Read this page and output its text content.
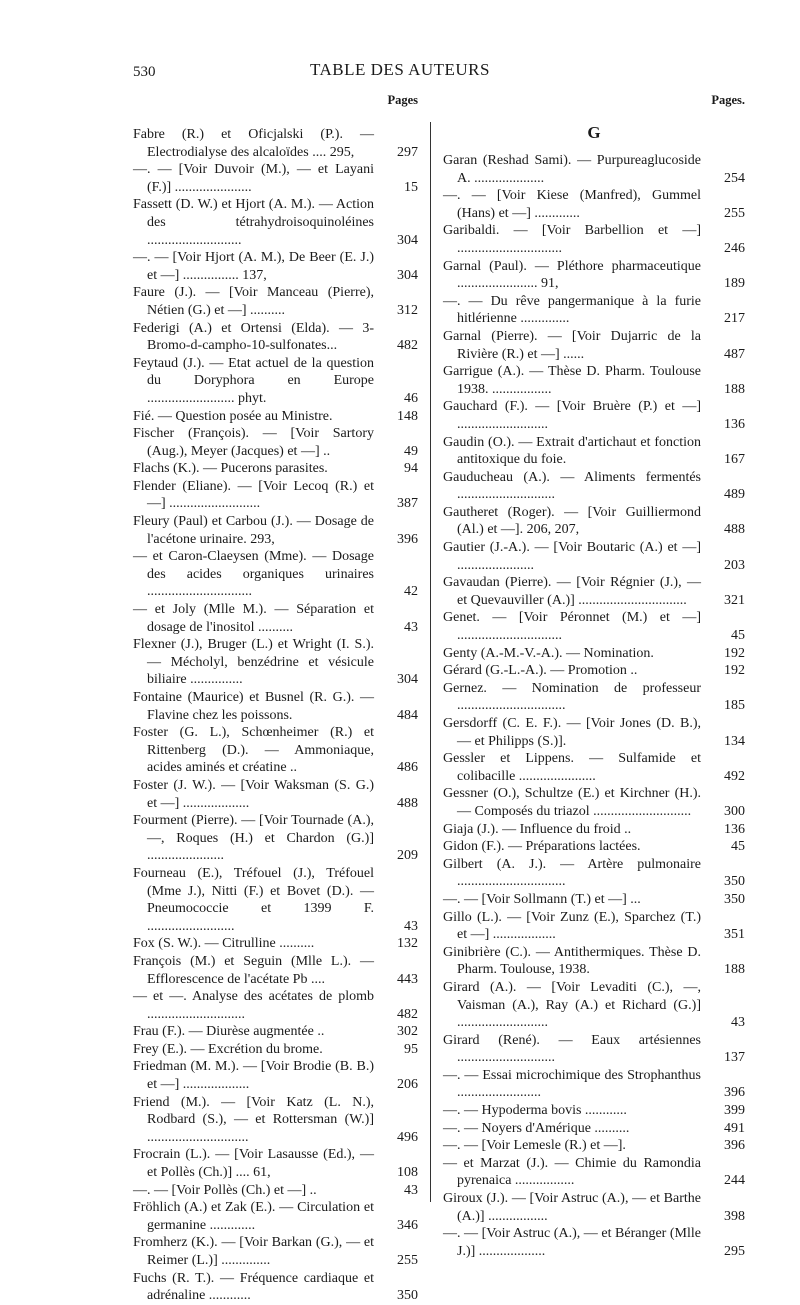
530	TABLE DES AUTEURS
Pages
Fabre (R.) et Oficjalski (P.). — Electrodialyse des alcaloïdes .... 295,	297
—. — [Voir Duvoir (M.), — et Layani (F.)] ......................	15
Fassett (D. W.) et Hjort (A. M.). — Action des tétrahydroisoquinoléines ...........................	304
—. — [Voir Hjort (A. M.), De Beer (E. J.) et —] ................ 137,	304
Faure (J.). — [Voir Manceau (Pierre), Nétien (G.) et —] ..........	312
Federigi (A.) et Ortensi (Elda). — 3-Bromo-d-campho-10-sulfonates...	482
Feytaud (J.). — Etat actuel de la question du Doryphora en Europe ......................... phyt.	46
Fié. — Question posée au Ministre.	148
Fischer (François). — [Voir Sartory (Aug.), Meyer (Jacques) et —] ..	49
Flachs (K.). — Pucerons parasites.	94
Flender (Eliane). — [Voir Lecoq (R.) et —] ..........................	387
Fleury (Paul) et Carbou (J.). — Dosage de l'acétone urinaire. 293,	396
— et Caron-Claeysen (Mme). — Dosage des acides organiques urinaires ..............................	42
— et Joly (Mlle M.). — Séparation et dosage de l'inositol ..........	43
Flexner (J.), Bruger (L.) et Wright (I. S.). — Mécholyl, benzédrine et vésicule biliaire ...............	304
Fontaine (Maurice) et Busnel (R. G.). — Flavine chez les poissons.	484
Foster (G. L.), Schœnheimer (R.) et Rittenberg (D.). — Ammoniaque, acides aminés et créatine ..	486
Foster (J. W.). — [Voir Waksman (S. G.) et —] ...................	488
Fourment (Pierre). — [Voir Tournade (A.), —, Roques (H.) et Chardon (G.)] ......................	209
Fourneau (E.), Tréfouel (J.), Tréfouel (Mme J.), Nitti (F.) et Bovet (D.). — Pneumococcie et 1399 F. .........................	43
Fox (S. W.). — Citrulline ..........	132
François (M.) et Seguin (Mlle L.). — Efflorescence de l'acétate Pb ....	443
— et —. Analyse des acétates de plomb ............................	482
Frau (F.). — Diurèse augmentée ..	302
Frey (E.). — Excrétion du brome.	95
Friedman (M. M.). — [Voir Brodie (B. B.) et —] ...................	206
Friend (M.). — [Voir Katz (L. N.), Rodbard (S.), — et Rottersman (W.)] .............................	496
Frocrain (L.). — [Voir Lasausse (Ed.), — et Pollès (Ch.)] .... 61,	108
—. — [Voir Pollès (Ch.) et —] ..	43
Fröhlich (A.) et Zak (E.). — Circulation et germanine .............	346
Fromherz (K.). — [Voir Barkan (G.), — et Reimer (L.)] ..............	255
Fuchs (R. T.). — Fréquence cardiaque et adrénaline ............	350
Pages.
G
Garan (Reshad Sami). — Purpureaglucoside A. ....................	254
—. — [Voir Kiese (Manfred), Gummel (Hans) et —] .............	255
Garibaldi. — [Voir Barbellion et —] ..............................	246
Garnal (Paul). — Pléthore pharmaceutique ....................... 91,	189
—. — Du rêve pangermanique à la furie hitlérienne ..............	217
Garnal (Pierre). — [Voir Dujarric de la Rivière (R.) et —] ......	487
Garrigue (A.). — Thèse D. Pharm. Toulouse 1938. .................	188
Gauchard (F.). — [Voir Bruère (P.) et —] ..........................	136
Gaudin (O.). — Extrait d'artichaut et fonction antitoxique du foie.	167
Gauducheau (A.). — Aliments fermentés ............................	489
Gautheret (Roger). — [Voir Guilliermond (Al.) et —]. 206, 207,	488
Gautier (J.-A.). — [Voir Boutaric (A.) et —] ......................	203
Gavaudan (Pierre). — [Voir Régnier (J.), — et Quevauviller (A.)] ...............................	321
Genet. — [Voir Péronnet (M.) et —] ..............................	45
Genty (A.-M.-V.-A.). — Nomination.	192
Gérard (G.-L.-A.). — Promotion ..	192
Gernez. — Nomination de professeur ...............................	185
Gersdorff (C. E. F.). — [Voir Jones (D. B.), — et Philipps (S.)].	134
Gessler et Lippens. — Sulfamide et colibacille ......................	492
Gessner (O.), Schultze (E.) et Kirchner (H.). — Composés du triazol ............................ 300
Giaja (J.). — Influence du froid ..	136
Gidon (F.). — Préparations lactées.	45
Gilbert (A. J.). — Artère pulmonaire ...............................	350
—. — [Voir Sollmann (T.) et —] ...	350
Gillo (L.). — [Voir Zunz (E.), Sparchez (T.) et —] ..................	351
Ginibrière (C.). — Antithermiques. Thèse D. Pharm. Toulouse, 1938.	188
Girard (A.). — [Voir Levaditi (C.), —, Vaisman (A.), Ray (A.) et Richard (G.)] ..........................	43
Girard (René). — Eaux artésiennes ............................	137
—. — Essai microchimique des Strophanthus ........................	396
—. — Hypoderma bovis ............	399
—. — Noyers d'Amérique ..........	491
—. — [Voir Lemesle (R.) et —].	396
— et Marzat (J.). — Chimie du Ramondia pyrenaica .................	244
Giroux (J.). — [Voir Astruc (A.), — et Barthe (A.)] .................	398
—. — [Voir Astruc (A.), — et Béranger (Mlle J.)] ...................	295
